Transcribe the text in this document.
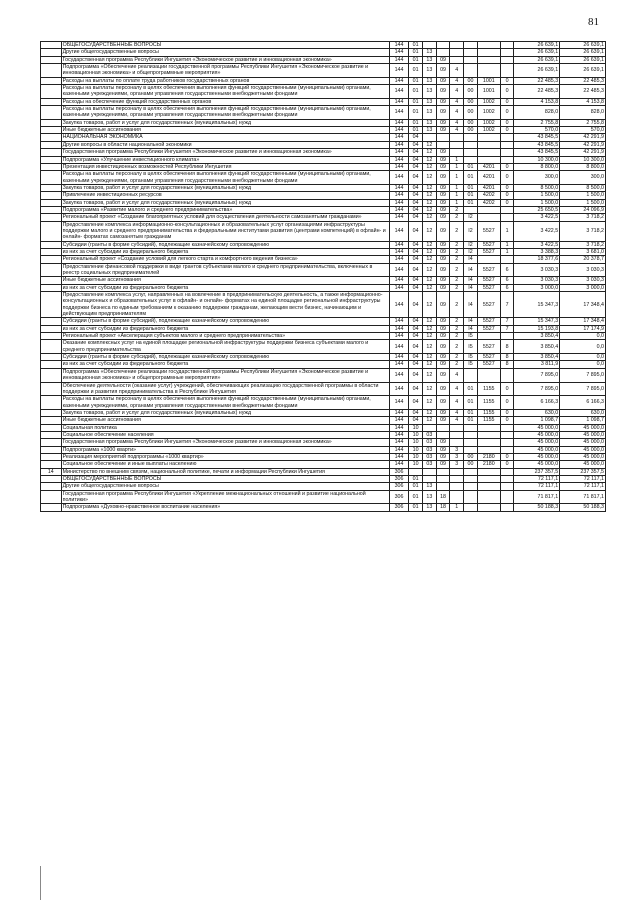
81
	ОБЩЕГОСУДАРСТВЕННЫЕ ВОПРОСЫ	144	01							26 639,1	26 639,1
	Другие общегосударственные вопросы	144	01	13						26 639,1	26 639,1
	Государственная программа Республики Ингушетия «Экономическое развитие и инновационная экономика»	144	01	13	09					26 639,1	26 639,1
	Подпрограмма «Обеспечение реализации государственной программы Республики Ингушетия «Экономическое развитие и инновационная экономика» и общепрограммные мероприятия»	144	01	13	09	4				26 639,1	26 639,1
	Расходы на выплаты по оплате труда работников государственных органов	144	01	13	09	4	00	1001	0	22 485,3	22 485,3
	Расходы на выплаты персоналу в целях обеспечения выполнения функций государственными (муниципальными) органами, казенными учреждениями, органами управления государственными внебюджетными фондами	144	01	13	09	4	00	1001	0	22 485,3	22 485,3
	Расходы на обеспечение функций государственных органов	144	01	13	09	4	00	1002	0	4 153,8	4 153,8
	Расходы на выплаты персоналу в целях обеспечения выполнения функций государственными (муниципальными) органами, казенными учреждениями, органами управления государственными внебюджетными фондами	144	01	13	09	4	00	1002	0	828,0	828,0
	Закупка товаров, работ и услуг для государственных (муниципальных) нужд	144	01	13	09	4	00	1002	0	2 755,8	2 755,8
	Иные бюджетные ассигнования	144	01	13	09	4	00	1002	0	570,0	570,0
	НАЦИОНАЛЬНАЯ ЭКОНОМИКА	144	04							43 845,5	42 291,9
	Другие вопросы в области национальной экономики	144	04	12						43 845,5	42 291,9
	Государственная программа Республики Ингушетия «Экономическое развитие и инновационная экономика»	144	04	12	09					43 845,5	42 291,9
	Подпрограмма «Улучшение инвестиционного климата»	144	04	12	09	1				10 300,0	10 300,0
	Презентация инвестиционных возможностей Республики Ингушетия	144	04	12	09	1	01	4201	0	8 800,0	8 800,0
	Расходы на выплаты персоналу в целях обеспечения выполнения функций государственными (муниципальными) органами, казенными учреждениями, органами управления государственными внебюджетными фондами	144	04	12	09	1	01	4201	0	300,0	300,0
	Закупка товаров, работ и услуг для государственных (муниципальных) нужд	144	04	12	09	1	01	4201	0	8 500,0	8 500,0
	Привлечение инвестиционных ресурсов	144	04	12	09	1	01	4202	0	1 500,0	1 500,0
	Закупка товаров, работ и услуг для государственных (муниципальных) нужд	144	04	12	09	1	01	4202	0	1 500,0	1 500,0
	Подпрограмма «Развитие малого и среднего предпринимательства»	144	04	12	09	2				25 650,5	24 096,9
	Региональный проект «Создание благоприятных условий для осуществления деятельности самозанятыми гражданами»	144	04	12	09	2	I2			3 422,5	3 718,2
	Предоставление комплекса информационно-консультационных и образовательных услуг организациями инфраструктуры поддержки малого и среднего предпринимательства и федеральными институтами развития (центрами компетенций) в офлайн- и онлайн- форматах самозанятым гражданам	144	04	12	09	2	I2	5527	1	3 422,5	3 718,2
	Субсидии (гранты в форме субсидий), подлежащие казначейскому сопровождению	144	04	12	09	2	I2	5527	1	3 422,5	3 718,2
	из них за счет субсидии из федерального бюджета	144	04	12	09	2	I2	5527	1	3 388,3	3 681,0
	Региональный проект «Создание условий для легкого старта и комфортного ведения бизнеса»	144	04	12	09	2	I4			18 377,6	20 378,7
	Предоставление финансовой поддержки в виде грантов субъектами малого и среднего предпринимательства, включенных в реестр социальных предпринимателей	144	04	12	09	2	I4	5527	6	3 030,3	3 030,3
	Иные бюджетные ассигнования	144	04	12	09	2	I4	5527	6	3 030,3	3 030,3
	из них за счет субсидии из федерального бюджета	144	04	12	09	2	I4	5527	6	3 000,0	3 000,0
	Предоставление комплекса услуг, направленных на вовлечение в предпринимательскую деятельность, а также информационно-консультационных и образовательных услуг в офлайн- и онлайн- форматах на единой площадке региональной инфраструктуры поддержки бизнеса по единым требованиям к оказанию поддержки гражданам, желающим вести бизнес, начинающим и действующим предпринимателям	144	04	12	09	2	I4	5527	7	15 347,3	17 348,4
	Субсидии (гранты в форме субсидий), подлежащие казначейскому сопровождению	144	04	12	09	2	I4	5527	7	15 347,3	17 348,4
	из них за счет субсидии из федерального бюджета	144	04	12	09	2	I4	5527	7	15 193,8	17 174,9
	Региональный проект «Акселерация субъектов малого и среднего предпринимательства»	144	04	12	09	2	I5			3 850,4	0,0
	Оказание комплексных услуг на единой площадке региональной инфраструктуры поддержки бизнеса субъектами малого и среднего предпринимательства	144	04	12	09	2	I5	5527	8	3 850,4	0,0
	Субсидии (гранты в форме субсидий), подлежащие казначейскому сопровождению	144	04	12	09	2	I5	5527	8	3 850,4	0,0
	из них за счет субсидии из федерального бюджета	144	04	12	09	2	I5	5527	8	3 811,9	0,0
	Подпрограмма «Обеспечение реализации государственной программы Республики Ингушетия «Экономическое развитие и инновационная экономика» и общепрограммные мероприятия»	144	04	12	09	4				7 895,0	7 895,0
	Обеспечение деятельности (оказание услуг) учреждений, обеспечивающих реализацию государственной программы в области поддержки и развития предпринимательства в Республике Ингушетия	144	04	12	09	4	01	1155	0	7 895,0	7 895,0
	Расходы на выплаты персоналу в целях обеспечения выполнения функций государственными (муниципальными) органами, казенными учреждениями, органами управления государственными внебюджетными фондами	144	04	12	09	4	01	1155	0	6 166,3	6 166,3
	Закупка товаров, работ и услуг для государственных (муниципальных) нужд	144	04	12	09	4	01	1155	0	630,0	630,0
	Иные бюджетные ассигнования	144	04	12	09	4	01	1155	0	1 098,7	1 098,7
	Социальная политика	144	10							45 000,0	45 000,0
	Социальное обеспечение населения	144	10	03						45 000,0	45 000,0
	Государственная программа Республики Ингушетия «Экономическое развитие и инновационная экономика»	144	10	03	09					45 000,0	45 000,0
	Подпрограмма «1000 кварти»	144	10	03	09	3				45 000,0	45 000,0
	Реализация мероприятий подпрограммы «1000 квартир»	144	10	03	09	3	00	2180	0	45 000,0	45 000,0
	Социальное обеспечение и иные выплаты населению	144	10	03	09	3	00	2180	0	45 000,0	45 000,0
14	Министерство по внешним связям, национальной политике, печати и информации Республики Ингушетия	306								237 357,5	237 357,5
	ОБЩЕГОСУДАРСТВЕННЫЕ ВОПРОСЫ	306	01							72 117,1	72 117,1
	Другие общегосударственные вопросы	306	01	13						72 117,1	72 117,1
	Государственная программа Республики Ингушетия «Укрепление межнациональных отношений и развитие национальной политики»	306	01	13	18					71 817,1	71 817,1
	Подпрограмма «Духовно-нравственное воспитание населения»	306	01	13	18	1				50 188,3	50 188,3
